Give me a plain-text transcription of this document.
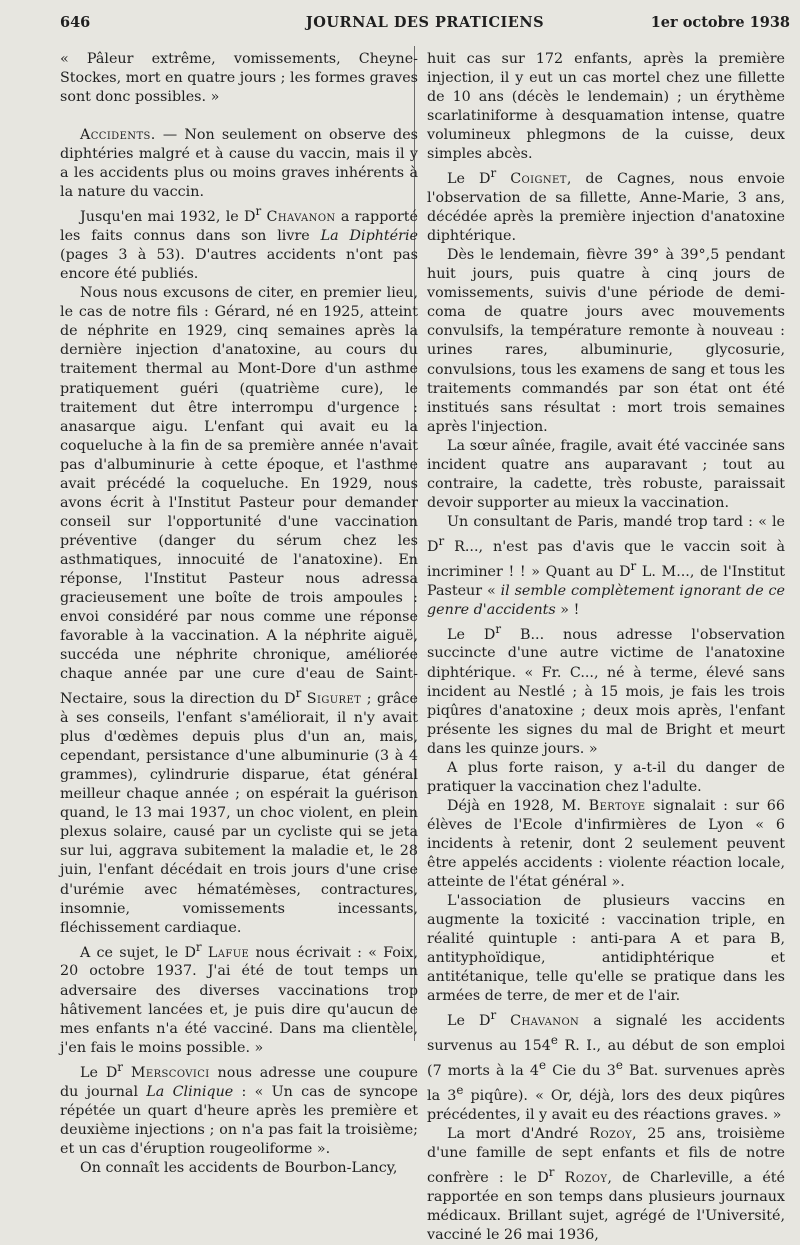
646	JOURNAL DES PRATICIENS	1er octobre 1938

« Pâleur extrême, vomissements, Cheyne-Stockes, mort en quatre jours ; les formes graves sont donc possibles. »

Accidents. — Non seulement on observe des diphtéries malgré et à cause du vaccin, mais il y a les accidents plus ou moins graves inhérents à la nature du vaccin.

Jusqu'en mai 1932, le $D^r$ Chavanon a rapporté les faits connus dans son livre La Diphtérie (pages 3 à 53). D'autres accidents n'ont pas encore été publiés.

Nous nous excusons de citer, en premier lieu, le cas de notre fils : Gérard, né en 1925, atteint de néphrite en 1929, cinq semaines après la dernière injection d'anatoxine, au cours du traitement thermal au Mont-Dore d'un asthme pratiquement guéri (quatrième cure), le traitement dut être interrompu d'urgence : anasarque aigu. L'enfant qui avait eu la coqueluche à la fin de sa première année n'avait pas d'albuminurie à cette époque, et l'asthme avait précédé la coqueluche. En 1929, nous avons écrit à l'Institut Pasteur pour demander conseil sur l'opportunité d'une vaccination préventive (danger du sérum chez les asthmatiques, innocuité de l'anatoxine). En réponse, l'Institut Pasteur nous adressa gracieusement une boîte de trois ampoules : envoi considéré par nous comme une réponse favorable à la vaccination. A la néphrite aiguë, succéda une néphrite chronique, améliorée chaque année par une cure d'eau de Saint-Nectaire, sous la direction du $D^r$ Siguret ; grâce à ses conseils, l'enfant s'améliorait, il n'y avait plus d'œdèmes depuis plus d'un an, mais, cependant, persistance d'une albuminurie (3 à 4 grammes), cylindrurie disparue, état général meilleur chaque année ; on espérait la guérison quand, le 13 mai 1937, un choc violent, en plein plexus solaire, causé par un cycliste qui se jeta sur lui, aggrava subitement la maladie et, le 28 juin, l'enfant décédait en trois jours d'une crise d'urémie avec hématémèses, contractures, insomnie, vomissements incessants, fléchissement cardiaque.

A ce sujet, le $D^r$ Lafue nous écrivait : « Foix, 20 octobre 1937. J'ai été de tout temps un adversaire des diverses vaccinations trop hâtivement lancées et, je puis dire qu'aucun de mes enfants n'a été vacciné. Dans ma clientèle, j'en fais le moins possible. »

Le $D^r$ Merscovici nous adresse une coupure du journal La Clinique : « Un cas de syncope répétée un quart d'heure après les première et deuxième injections ; on n'a pas fait la troisième; et un cas d'éruption rougeoliforme ».

On connaît les accidents de Bourbon-Lancy,

huit cas sur 172 enfants, après la première injection, il y eut un cas mortel chez une fillette de 10 ans (décès le lendemain) ; un érythème scarlatiniforme à desquamation intense, quatre volumineux phlegmons de la cuisse, deux simples abcès.

Le $D^r$ Coignet, de Cagnes, nous envoie l'observation de sa fillette, Anne-Marie, 3 ans, décédée après la première injection d'anatoxine diphtérique.

Dès le lendemain, fièvre 39° à 39°,5 pendant huit jours, puis quatre à cinq jours de vomissements, suivis d'une période de demi-coma de quatre jours avec mouvements convulsifs, la température remonte à nouveau : urines rares, albuminurie, glycosurie, convulsions, tous les examens de sang et tous les traitements commandés par son état ont été institués sans résultat : mort trois semaines après l'injection.

La sœur aînée, fragile, avait été vaccinée sans incident quatre ans auparavant ; tout au contraire, la cadette, très robuste, paraissait devoir supporter au mieux la vaccination.

Un consultant de Paris, mandé trop tard : « le $D^r$ R..., n'est pas d'avis que le vaccin soit à incriminer ! ! » Quant au $D^r$ L. M..., de l'Institut Pasteur « il semble complètement ignorant de ce genre d'accidents » !

Le $D^r$ B... nous adresse l'observation succincte d'une autre victime de l'anatoxine diphtérique. « Fr. C..., né à terme, élevé sans incident au Nestlé ; à 15 mois, je fais les trois piqûres d'anatoxine ; deux mois après, l'enfant présente les signes du mal de Bright et meurt dans les quinze jours. »

A plus forte raison, y a-t-il du danger de pratiquer la vaccination chez l'adulte.

Déjà en 1928, M. Bertoye signalait : sur 66 élèves de l'Ecole d'infirmières de Lyon « 6 incidents à retenir, dont 2 seulement peuvent être appelés accidents : violente réaction locale, atteinte de l'état général ».

L'association de plusieurs vaccins en augmente la toxicité : vaccination triple, en réalité quintuple : anti-para A et para B, antityphoïdique, antidiphtérique et antitétanique, telle qu'elle se pratique dans les armées de terre, de mer et de l'air.

Le $D^r$ Chavanon a signalé les accidents survenus au 154e R. I., au début de son emploi (7 morts à la 4e Cie du 3e Bat. survenues après la 3e piqûre). « Or, déjà, lors des deux piqûres précédentes, il y avait eu des réactions graves. »

La mort d'André Rozoy, 25 ans, troisième d'une famille de sept enfants et fils de notre confrère : le $D^r$ Rozoy, de Charleville, a été rapportée en son temps dans plusieurs journaux médicaux. Brillant sujet, agrégé de l'Université, vacciné le 26 mai 1936,
